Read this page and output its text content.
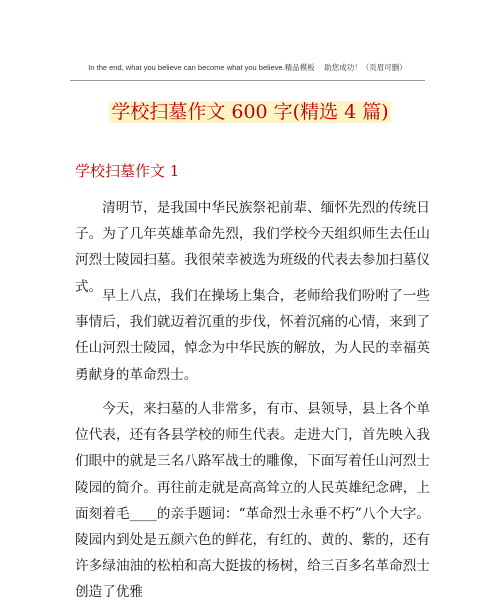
In the end, what you believe can become what you believe.精品模板　 助您成功！（页眉可删）
学校扫墓作文 600 字(精选 4 篇)
学校扫墓作文 1

清明节，是我国中华民族祭祀前辈、缅怀先烈的传统日子。为了几年英雄革命先烈，我们学校今天组织师生去任山河烈士陵园扫墓。我很荣幸被选为班级的代表去参加扫墓仪式。

早上八点，我们在操场上集合，老师给我们吩咐了一些事情后，我们就迈着沉重的步伐，怀着沉痛的心情，来到了任山河烈士陵园，悼念为中华民族的解放，为人民的幸福英勇献身的革命烈士。

今天，来扫墓的人非常多，有市、县领导，县上各个单位代表，还有各县学校的师生代表。走进大门，首先映入我们眼中的就是三名八路军战士的雕像，下面写着任山河烈士陵园的简介。再往前走就是高高耸立的人民英雄纪念碑，上面刻着毛____的亲手题词：“革命烈士永垂不朽”八个大字。陵园内到处是五颜六色的鲜花，有红的、黄的、紫的，还有许多绿油油的松柏和高大挺拔的杨树，给三百多名革命烈士创造了优雅
